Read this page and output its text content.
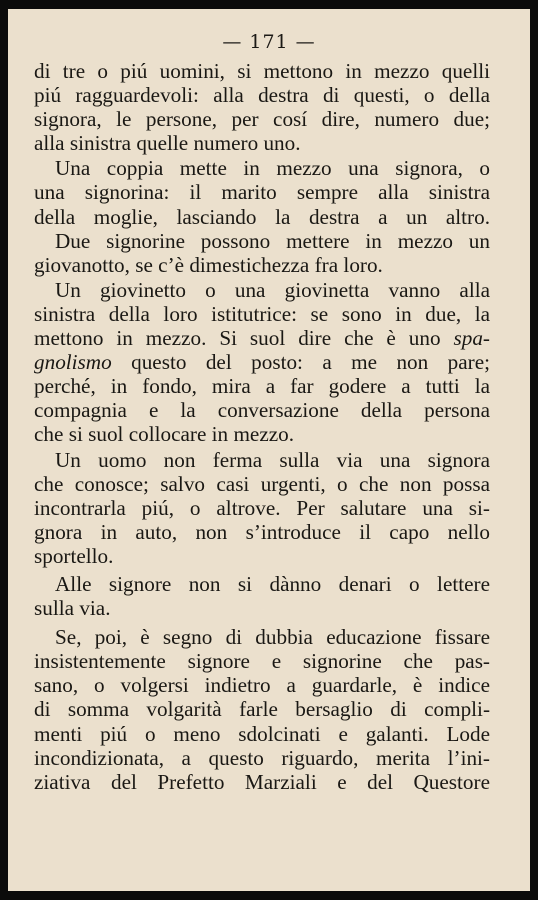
— 171 —
di tre o piú uomini, si mettono in mezzo quelli
piú ragguardevoli: alla destra di questi, o della
signora, le persone, per cosí dire, numero due;
alla sinistra quelle numero uno.
Una coppia mette in mezzo una signora, o
una signorina: il marito sempre alla sinistra
della moglie, lasciando la destra a un altro.
Due signorine possono mettere in mezzo un
giovanotto, se c’è dimestichezza fra loro.
Un giovinetto o una giovinetta vanno alla
sinistra della loro istitutrice: se sono in due, la
mettono in mezzo. Si suol dire che è uno spa-
gnolismo questo del posto: a me non pare;
perché, in fondo, mira a far godere a tutti la
compagnia e la conversazione della persona
che si suol collocare in mezzo.
Un uomo non ferma sulla via una signora
che conosce; salvo casi urgenti, o che non possa
incontrarla piú, o altrove. Per salutare una si-
gnora in auto, non s’introduce il capo nello
sportello.
Alle signore non si dànno denari o lettere
sulla via.
Se, poi, è segno di dubbia educazione fissare
insistentemente signore e signorine che pas-
sano, o volgersi indietro a guardarle, è indice
di somma volgarità farle bersaglio di compli-
menti piú o meno sdolcinati e galanti. Lode
incondizionata, a questo riguardo, merita l’ini-
ziativa del Prefetto Marziali e del Questore
